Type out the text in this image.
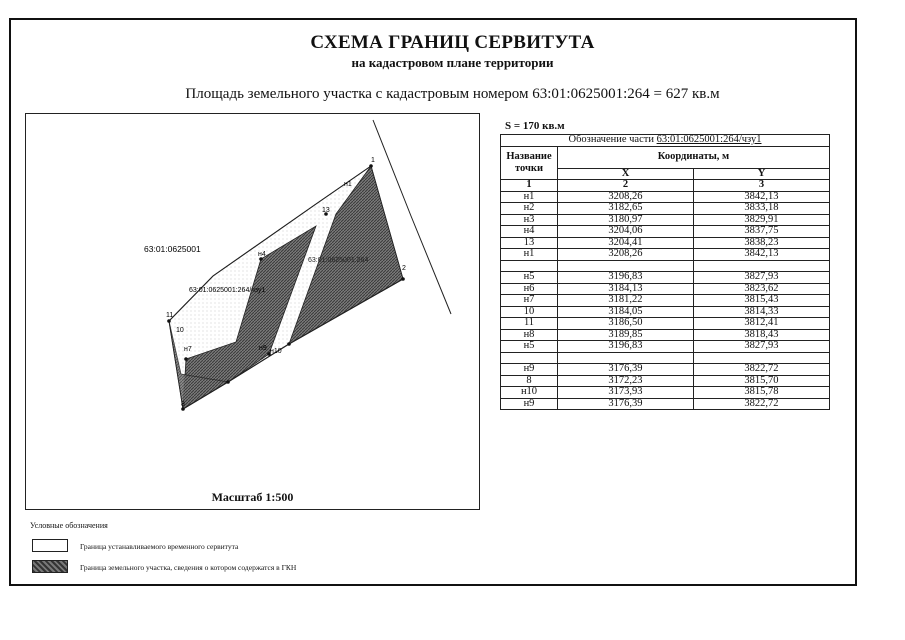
СХЕМА ГРАНИЦ СЕРВИТУТА
на кадастровом плане территории
Площадь земельного участка с кадастровым номером 63:01:0625001:264 = 627 кв.м
1
н1
13
н4
11
10
н7	н9 н10
8
2
63:01:0625001
63:01:0625001:264
63:01:0625001:264/чзу1
Масштаб 1:500
S = 170 кв.м
Обозначение части 63:01:0625001:264/чзу1		
Название точки	Координаты, м	
	X	Y
1	2	3
н1	3208,26	3842,13
н2	3182,65	3833,18
н3	3180,97	3829,91
н4	3204,06	3837,75
13	3204,41	3838,23
н1	3208,26	3842,13

н5	3196,83	3827,93
н6	3184,13	3823,62
н7	3181,22	3815,43
10	3184,05	3814,33
11	3186,50	3812,41
н8	3189,85	3818,43
н5	3196,83	3827,93

н9	3176,39	3822,72
8	3172,23	3815,70
н10	3173,93	3815,78
н9	3176,39	3822,72
Условные обозначения
Граница устанавливаемого временного сервитута
Граница земельного участка, сведения о котором содержатся в ГКН
